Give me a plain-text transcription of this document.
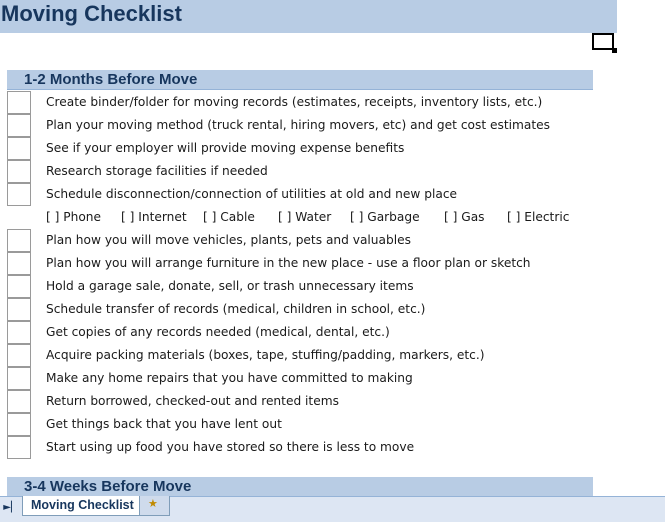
Moving Checklist
1-2 Months Before Move
Create binder/folder for moving records (estimates, receipts, inventory lists, etc.)
Plan your moving method (truck rental, hiring movers, etc) and get cost estimates
See if your employer will provide moving expense benefits
Research storage facilities if needed
Schedule disconnection/connection of utilities at old and new place
[ ] Phone [ ] Internet [ ] Cable [ ] Water [ ] Garbage [ ] Gas [ ] Electric
Plan how you will move vehicles, plants, pets and valuables
Plan how you will arrange furniture in the new place - use a floor plan or sketch
Hold a garage sale, donate, sell, or trash unnecessary items
Schedule transfer of records (medical, children in school, etc.)
Get copies of any records needed (medical, dental, etc.)
Acquire packing materials (boxes, tape, stuffing/padding, markers, etc.)
Make any home repairs that you have committed to making
Return borrowed, checked-out and rented items
Get things back that you have lent out
Start using up food you have stored so there is less to move
3-4 Weeks Before Move
►▏ Moving Checklist ★
